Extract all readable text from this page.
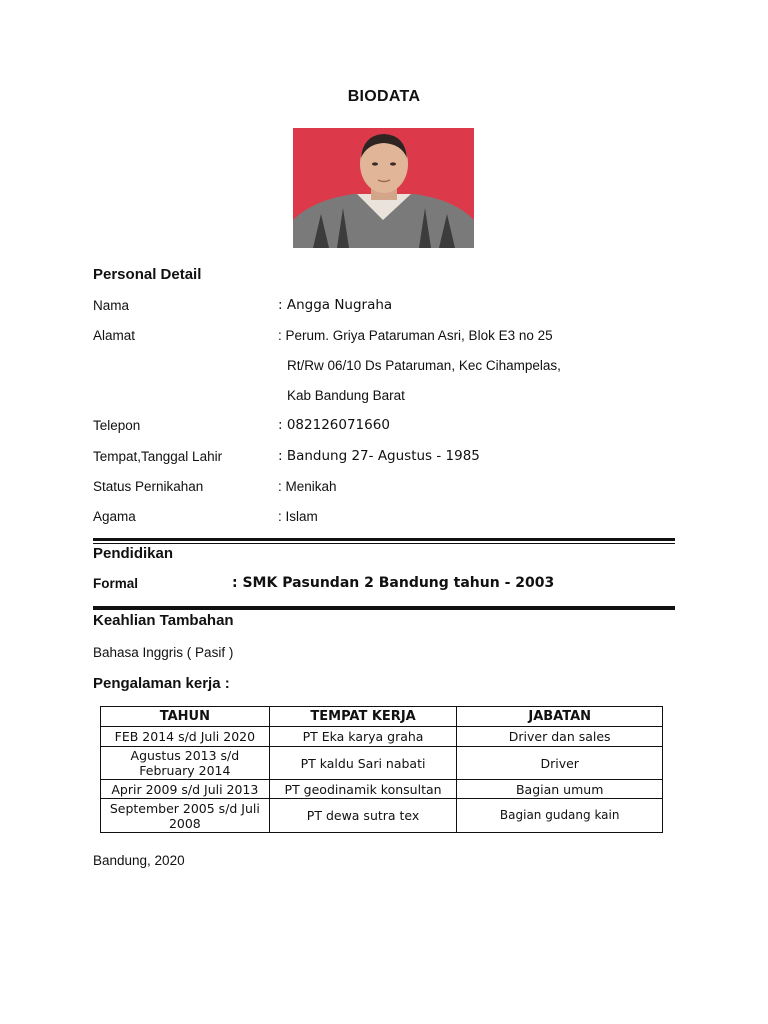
BIODATA
Personal Detail
Nama	: Angga Nugraha
Alamat	: Perum. Griya Pataruman Asri, Blok E3 no 25
Rt/Rw 06/10 Ds Pataruman, Kec Cihampelas,
Kab Bandung Barat
Telepon	: 082126071660
Tempat,Tanggal Lahir	: Bandung 27- Agustus - 1985
Status Pernikahan	: Menikah
Agama	: Islam
Pendidikan
Formal	: SMK Pasundan 2 Bandung tahun - 2003
Keahlian Tambahan
Bahasa Inggris ( Pasif )
Pengalaman kerja :
TAHUN	TEMPAT KERJA	JABATAN
FEB 2014 s/d Juli 2020	PT Eka karya graha	Driver dan sales
Agustus 2013 s/d February 2014	PT kaldu Sari nabati	Driver
Aprir 2009 s/d Juli 2013	PT geodinamik konsultan	Bagian umum
September 2005 s/d Juli 2008	PT dewa sutra tex	Bagian gudang kain
Bandung, 2020
